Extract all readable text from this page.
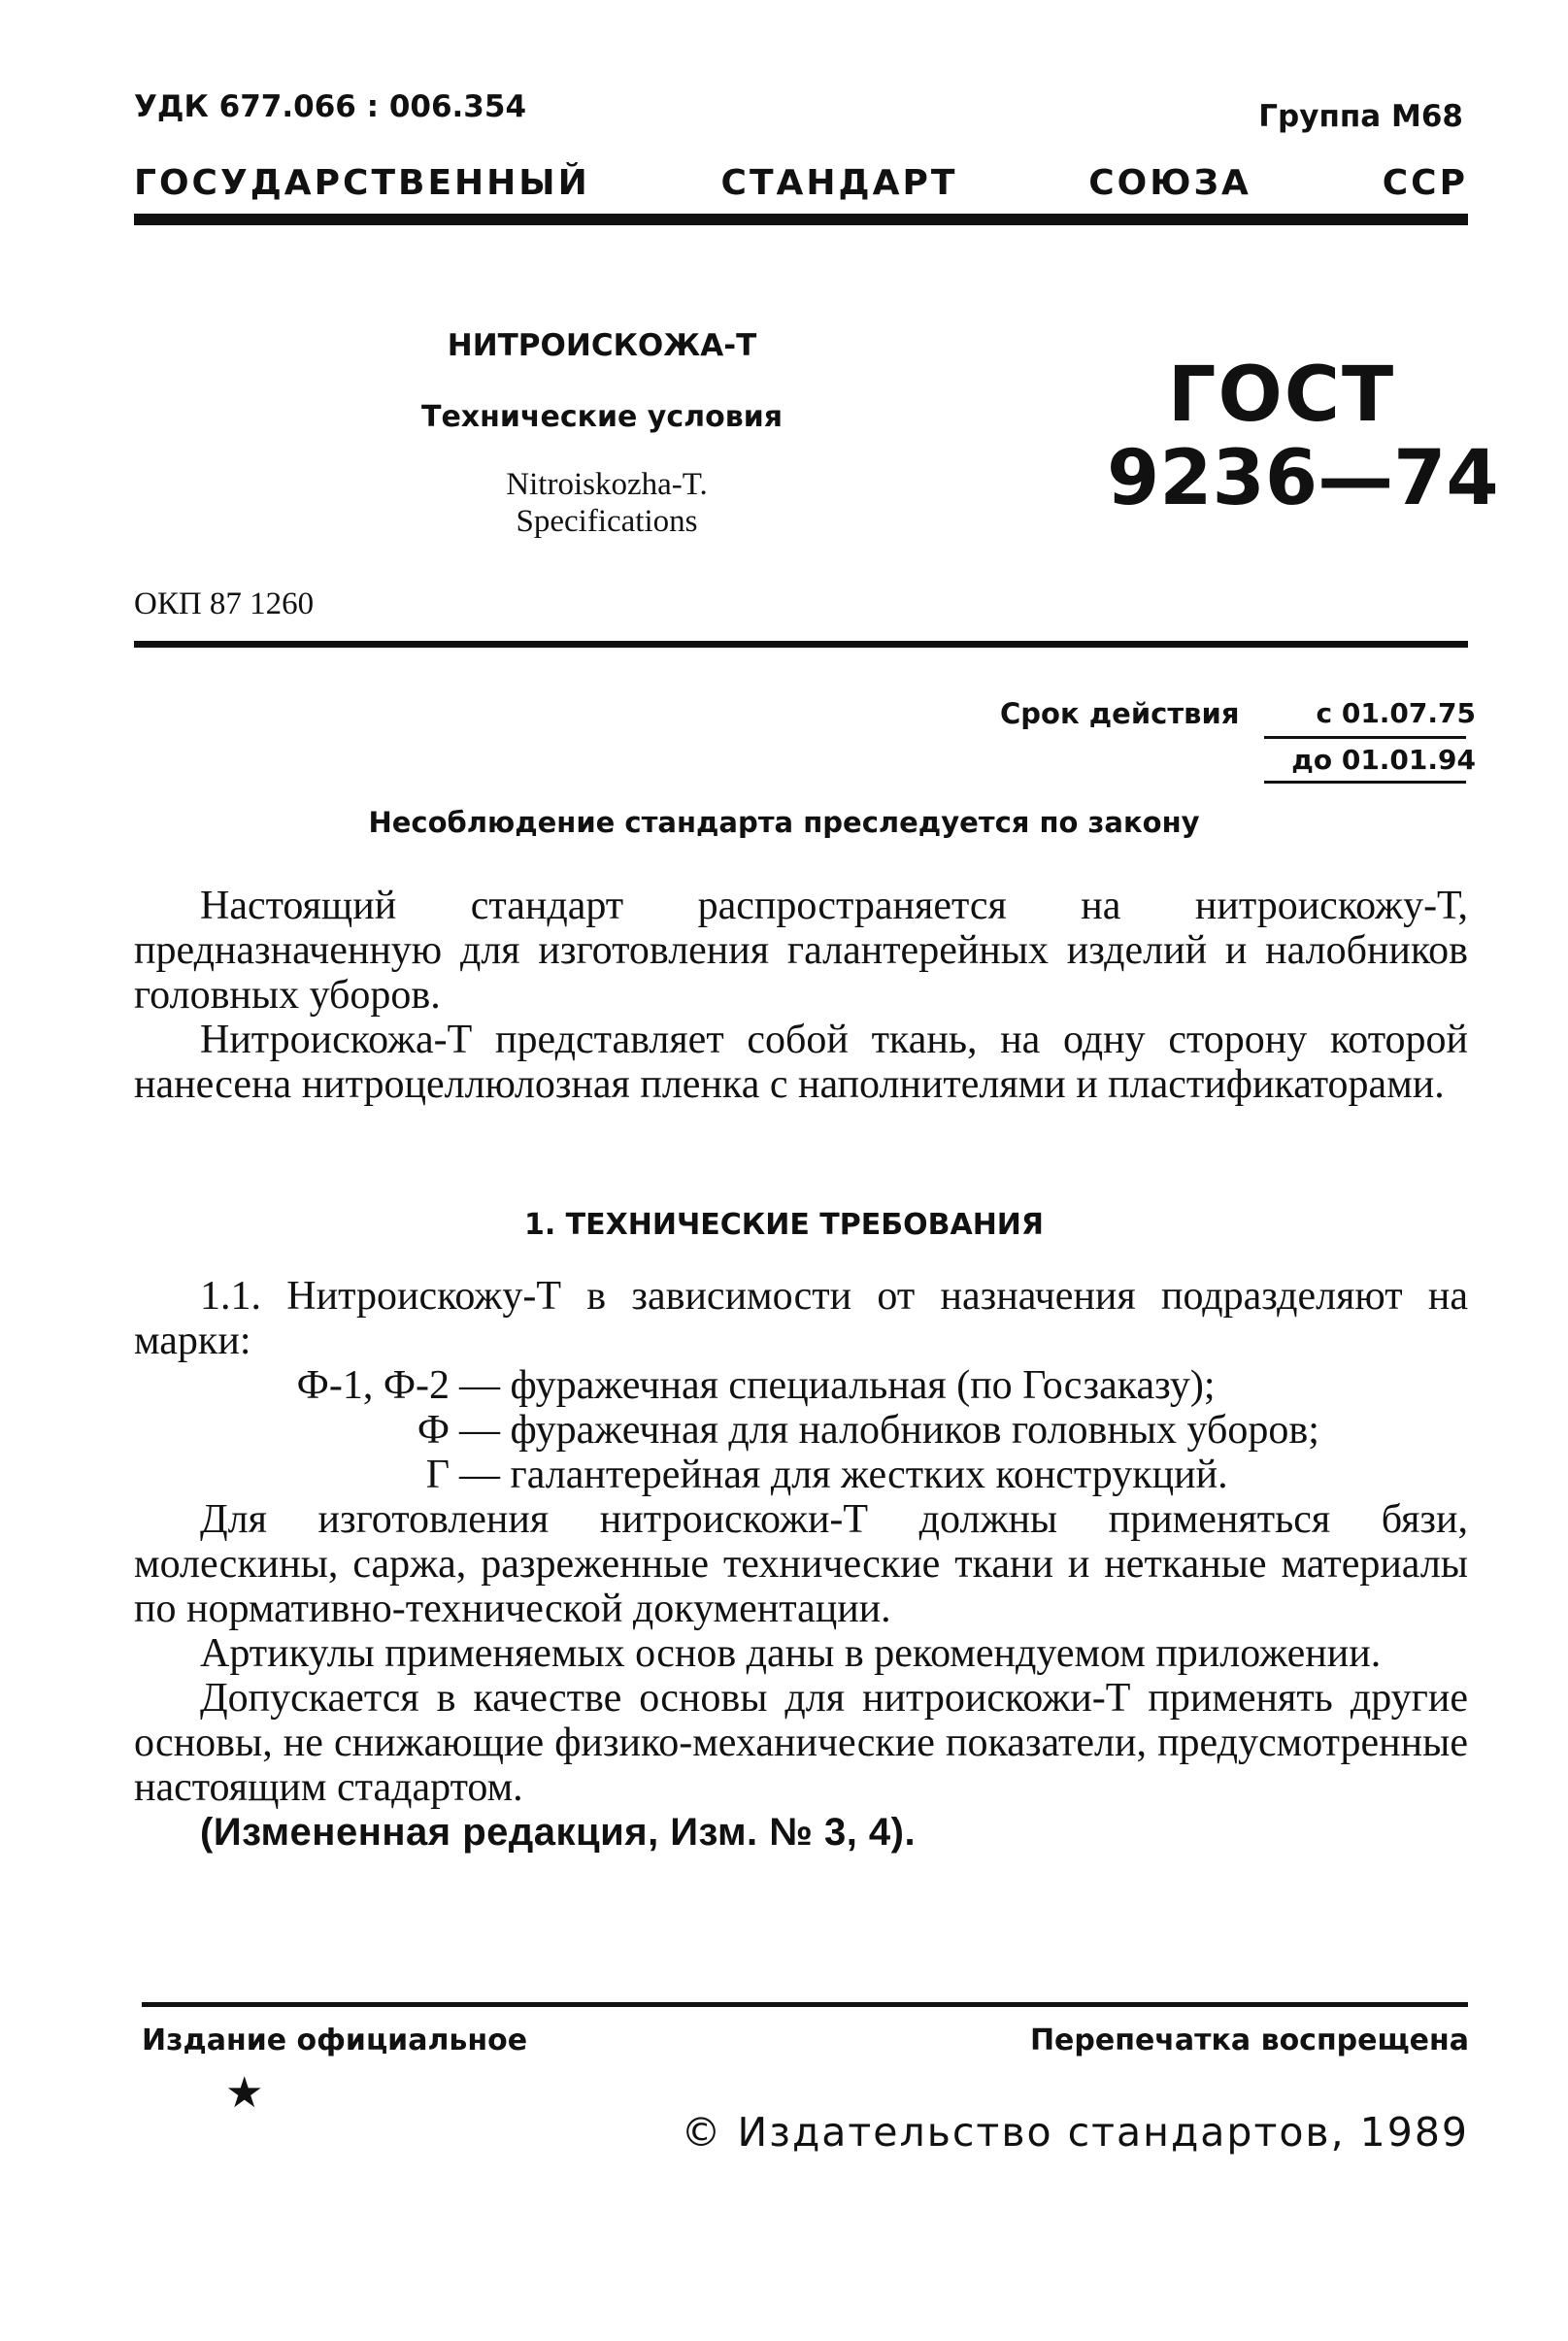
УДК 677.066 : 006.354	Группа М68
ГОСУДАРСТВЕННЫЙ	СТАНДАРТ	СОЮЗА	ССР
НИТРОИСКОЖА-Т
Технические условия
Nitroiskozha-T.
Specifications
ГОСТ
9236—74
ОКП 87 1260
Срок действия	с 01.07.75
до 01.01.94
Несоблюдение стандарта преследуется по закону

Настоящий стандарт распространяется на нитроискожу-Т, предназначенную для изготовления галантерейных изделий и налобников головных уборов.

Нитроискожа-Т представляет собой ткань, на одну сторону которой нанесена нитроцеллюлозная пленка с наполнителями и пластификаторами.

1. ТЕХНИЧЕСКИЕ ТРЕБОВАНИЯ

1.1. Нитроискожу-Т в зависимости от назначения подразделяют на марки:

Ф-1, Ф-2 — фуражечная специальная (по Госзаказу);
Ф — фуражечная для налобников головных уборов;
Г — галантерейная для жестких конструкций.

Для изготовления нитроискожи-Т должны применяться бязи, молескины, саржа, разреженные технические ткани и нетканые материалы по нормативно-технической документации.

Артикулы применяемых основ даны в рекомендуемом приложении.

Допускается в качестве основы для нитроискожи-Т применять другие основы, не снижающие физико-механические показатели, предусмотренные настоящим стадартом.

(Измененная редакция, Изм. № 3, 4).

Издание официальное	Перепечатка воспрещена
★
© Издательство стандартов, 1989
